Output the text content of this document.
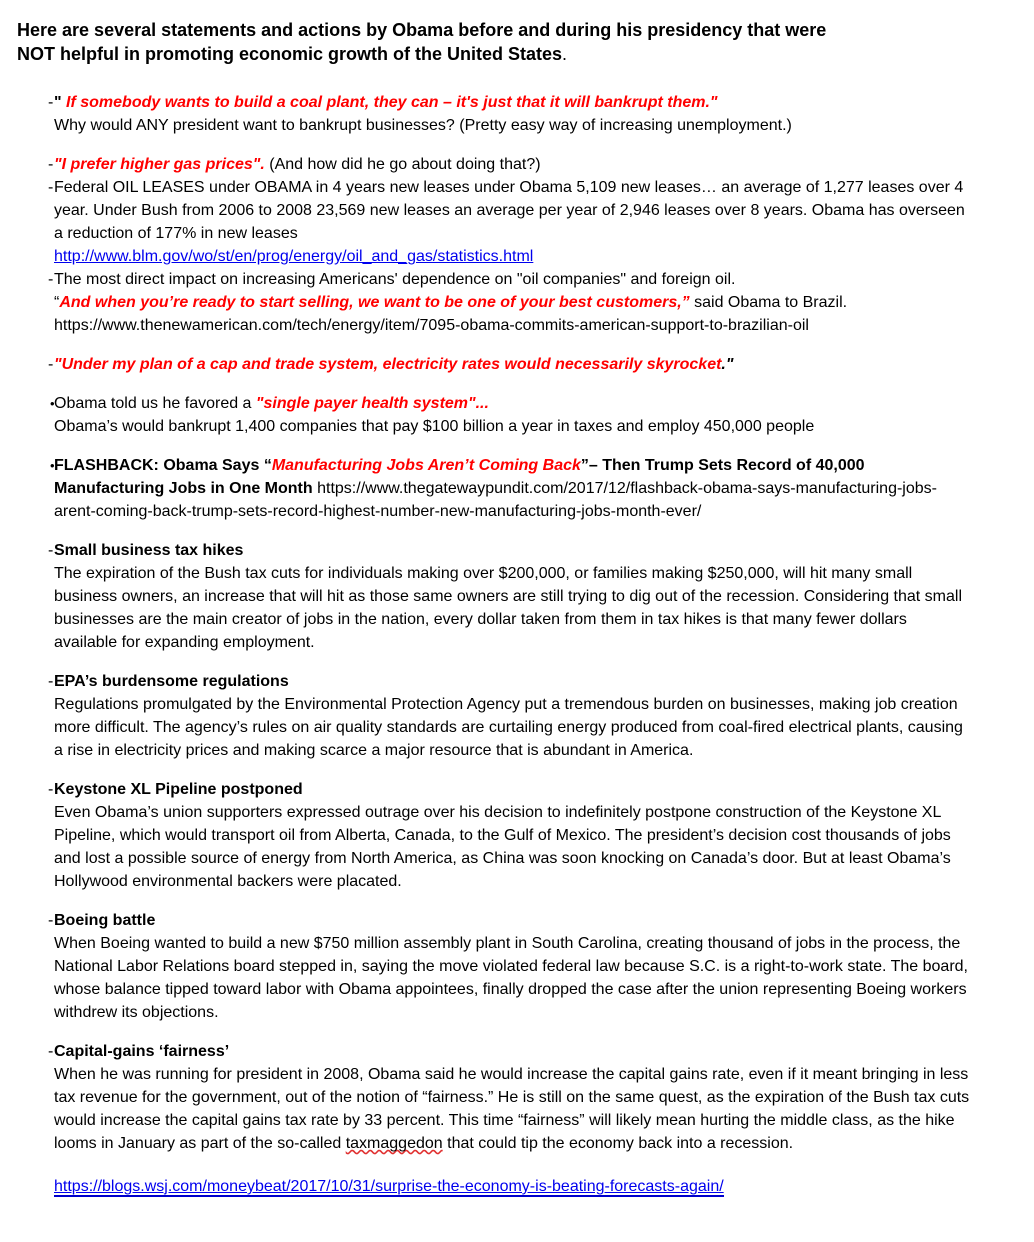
Here are several statements and actions by Obama before and during his presidency that were
NOT helpful in promoting economic growth of the United States.
- " If somebody wants to build a coal plant, they can – it's just that it will bankrupt them."
Why would ANY president want to bankrupt businesses? (Pretty easy way of increasing unemployment.)
- "I prefer higher gas prices". (And how did he go about doing that?)
- Federal OIL LEASES under OBAMA in 4 years new leases under Obama 5,109 new leases… an average of 1,277 leases over 4 year. Under Bush from 2006 to 2008 23,569 new leases an average per year of 2,946 leases over 8 years. Obama has overseen a reduction of 177% in new leases
http://www.blm.gov/wo/st/en/prog/energy/oil_and_gas/statistics.html
- The most direct impact on increasing Americans' dependence on "oil companies" and foreign oil.
“And when you’re ready to start selling, we want to be one of your best customers,” said Obama to Brazil.
https://www.thenewamerican.com/tech/energy/item/7095-obama-commits-american-support-to-brazilian-oil
- "Under my plan of a cap and trade system, electricity rates would necessarily skyrocket."
• Obama told us he favored a "single payer health system"...
Obama’s would bankrupt 1,400 companies that pay $100 billion a year in taxes and employ 450,000 people
• FLASHBACK: Obama Says “Manufacturing Jobs Aren’t Coming Back”– Then Trump Sets Record of 40,000 Manufacturing Jobs in One Month https://www.thegatewaypundit.com/2017/12/flashback-obama-says-manufacturing-jobs-arent-coming-back-trump-sets-record-highest-number-new-manufacturing-jobs-month-ever/
- Small business tax hikes
The expiration of the Bush tax cuts for individuals making over $200,000, or families making $250,000, will hit many small business owners, an increase that will hit as those same owners are still trying to dig out of the recession. Considering that small businesses are the main creator of jobs in the nation, every dollar taken from them in tax hikes is that many fewer dollars available for expanding employment.
- EPA’s burdensome regulations
Regulations promulgated by the Environmental Protection Agency put a tremendous burden on businesses, making job creation more difficult. The agency’s rules on air quality standards are curtailing energy produced from coal-fired electrical plants, causing a rise in electricity prices and making scarce a major resource that is abundant in America.
- Keystone XL Pipeline postponed
Even Obama’s union supporters expressed outrage over his decision to indefinitely postpone construction of the Keystone XL Pipeline, which would transport oil from Alberta, Canada, to the Gulf of Mexico. The president’s decision cost thousands of jobs and lost a possible source of energy from North America, as China was soon knocking on Canada’s door. But at least Obama’s Hollywood environmental backers were placated.
- Boeing battle
When Boeing wanted to build a new $750 million assembly plant in South Carolina, creating thousand of jobs in the process, the National Labor Relations board stepped in, saying the move violated federal law because S.C. is a right-to-work state. The board, whose balance tipped toward labor with Obama appointees, finally dropped the case after the union representing Boeing workers withdrew its objections.
- Capital-gains ‘fairness’
When he was running for president in 2008, Obama said he would increase the capital gains rate, even if it meant bringing in less tax revenue for the government, out of the notion of “fairness.” He is still on the same quest, as the expiration of the Bush tax cuts would increase the capital gains tax rate by 33 percent. This time “fairness” will likely mean hurting the middle class, as the hike looms in January as part of the so-called taxmaggedon that could tip the economy back into a recession.
https://blogs.wsj.com/moneybeat/2017/10/31/surprise-the-economy-is-beating-forecasts-again/
